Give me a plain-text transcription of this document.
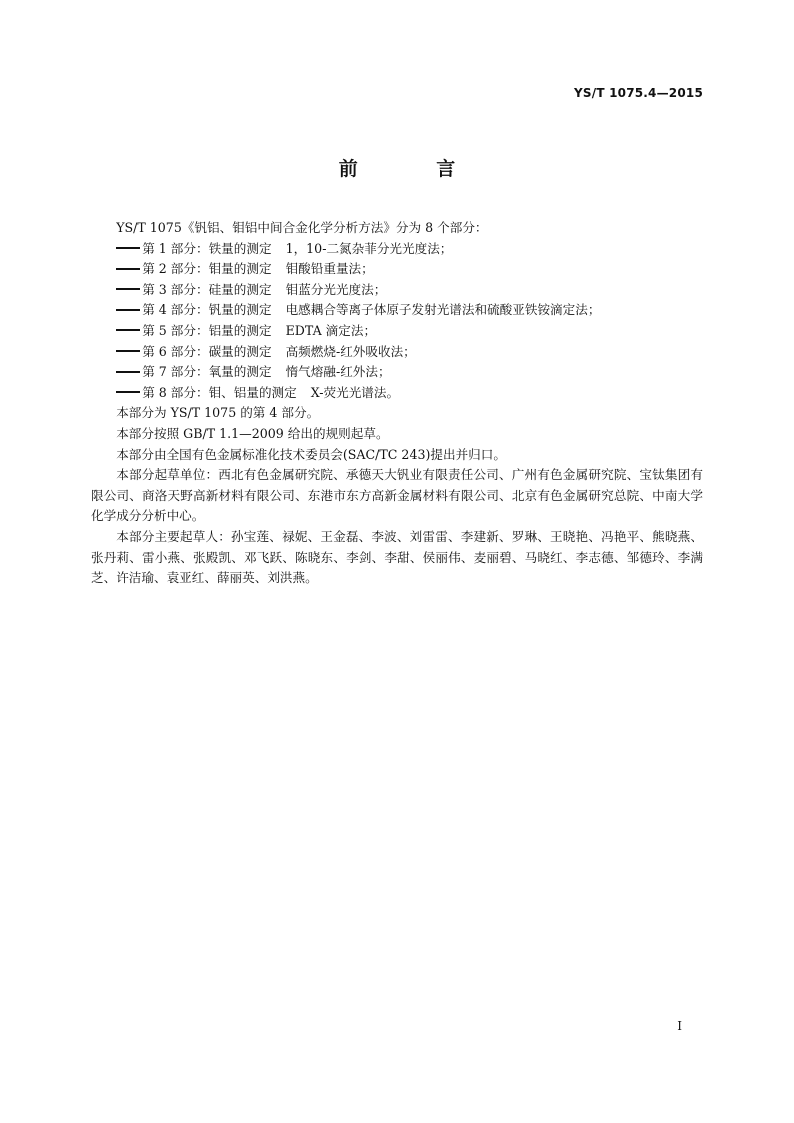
YS/T 1075.4—2015
前 言

YS/T 1075《钒铝、钼铝中间合金化学分析方法》分为 8 个部分：

第 1 部分：铁量的测定 1，10-二氮杂菲分光光度法；
第 2 部分：钼量的测定 钼酸铅重量法；
第 3 部分：硅量的测定 钼蓝分光光度法；
第 4 部分：钒量的测定 电感耦合等离子体原子发射光谱法和硫酸亚铁铵滴定法；
第 5 部分：铝量的测定 EDTA 滴定法；
第 6 部分：碳量的测定 高频燃烧-红外吸收法；
第 7 部分：氧量的测定 惰气熔融-红外法；
第 8 部分：钼、铝量的测定 X-荧光光谱法。

本部分为 YS/T 1075 的第 4 部分。

本部分按照 GB/T 1.1—2009 给出的规则起草。

本部分由全国有色金属标准化技术委员会(SAC/TC 243)提出并归口。

本部分起草单位：西北有色金属研究院、承德天大钒业有限责任公司、广州有色金属研究院、宝钛集团有限公司、商洛天野高新材料有限公司、东港市东方高新金属材料有限公司、北京有色金属研究总院、中南大学化学成分分析中心。

本部分主要起草人：孙宝莲、禄妮、王金磊、李波、刘雷雷、李建新、罗琳、王晓艳、冯艳平、熊晓燕、张丹莉、雷小燕、张殿凯、邓飞跃、陈晓东、李剑、李甜、侯丽伟、麦丽碧、马晓红、李志德、邹德玲、李满芝、许洁瑜、袁亚红、薛丽英、刘洪燕。

I
